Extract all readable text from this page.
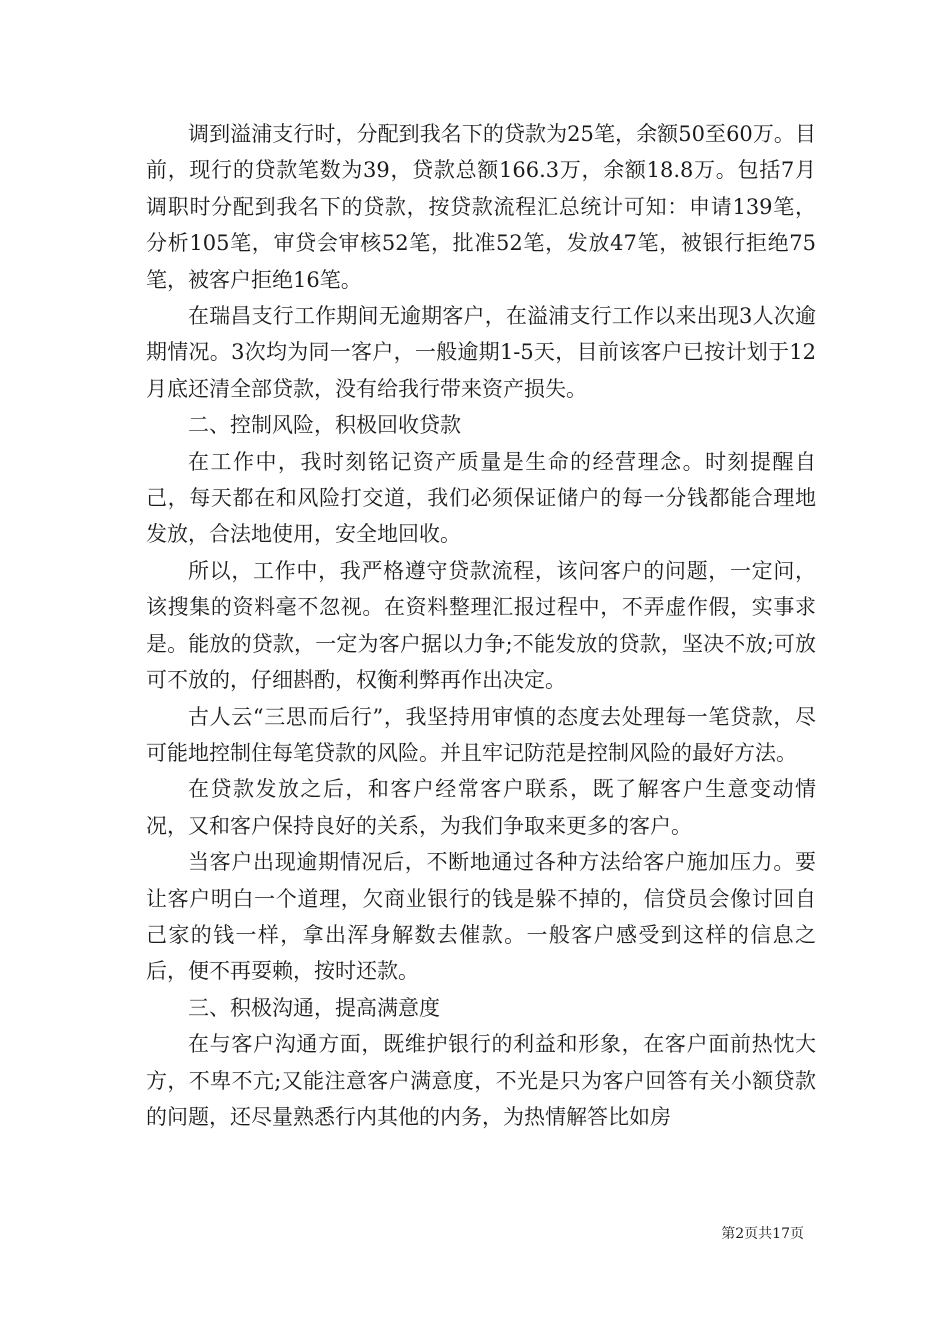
调到溢浦支行时，分配到我名下的贷款为25笔，余额50至60万。目前，现行的贷款笔数为39，贷款总额166.3万，余额18.8万。包括7月调职时分配到我名下的贷款，按贷款流程汇总统计可知：申请139笔，分析105笔，审贷会审核52笔，批准52笔，发放47笔，被银行拒绝75笔，被客户拒绝16笔。

在瑞昌支行工作期间无逾期客户，在溢浦支行工作以来出现3人次逾期情况。3次均为同一客户，一般逾期1-5天，目前该客户已按计划于12月底还清全部贷款，没有给我行带来资产损失。

二、控制风险，积极回收贷款

在工作中，我时刻铭记资产质量是生命的经营理念。时刻提醒自己，每天都在和风险打交道，我们必须保证储户的每一分钱都能合理地发放，合法地使用，安全地回收。

所以，工作中，我严格遵守贷款流程，该问客户的问题，一定问，该搜集的资料毫不忽视。在资料整理汇报过程中，不弄虚作假，实事求是。能放的贷款，一定为客户据以力争;不能发放的贷款，坚决不放;可放可不放的，仔细斟酌，权衡利弊再作出决定。

古人云“三思而后行”，我坚持用审慎的态度去处理每一笔贷款，尽可能地控制住每笔贷款的风险。并且牢记防范是控制风险的最好方法。

在贷款发放之后，和客户经常客户联系，既了解客户生意变动情况，又和客户保持良好的关系，为我们争取来更多的客户。

当客户出现逾期情况后，不断地通过各种方法给客户施加压力。要让客户明白一个道理，欠商业银行的钱是躲不掉的，信贷员会像讨回自己家的钱一样，拿出浑身解数去催款。一般客户感受到这样的信息之后，便不再耍赖，按时还款。

三、积极沟通，提高满意度

在与客户沟通方面，既维护银行的利益和形象，在客户面前热忱大方，不卑不亢;又能注意客户满意度，不光是只为客户回答有关小额贷款的问题，还尽量熟悉行内其他的内务，为热情解答比如房

第2页共17页
